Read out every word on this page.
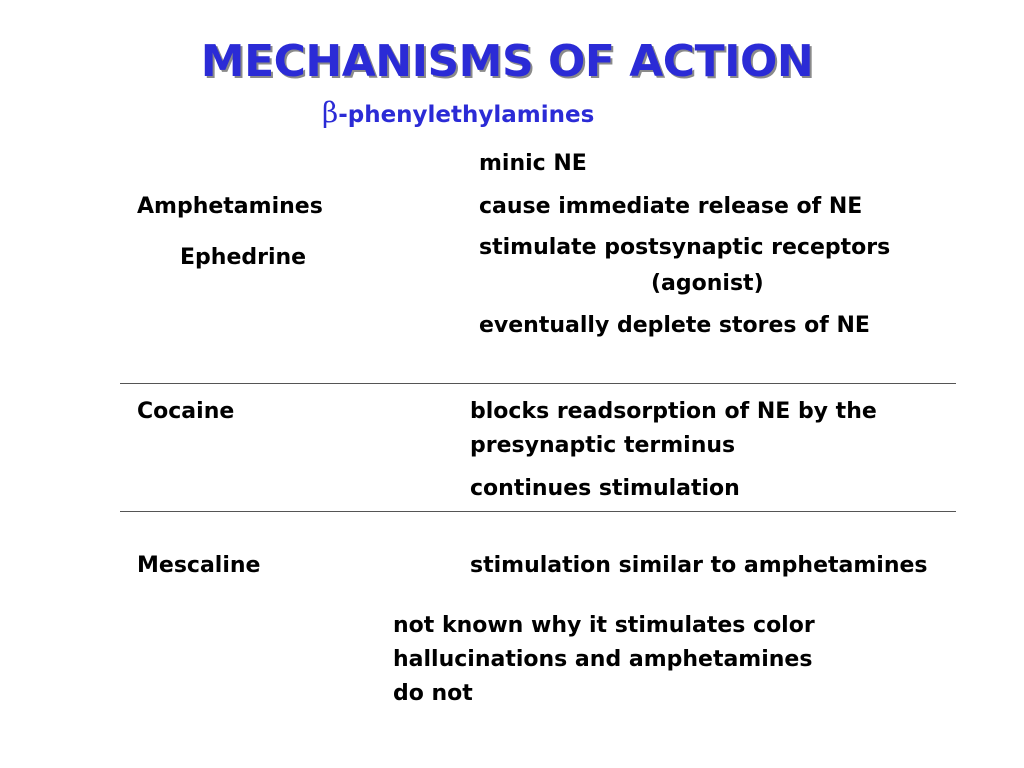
MECHANISMS OF ACTION
β-phenylethylamines
Amphetamines
Ephedrine
minic NE
cause immediate release of NE
stimulate postsynaptic receptors
(agonist)
eventually deplete stores of NE
Cocaine	blocks readsorption of NE by the
presynaptic terminus
continues stimulation
Mescaline	stimulation similar to amphetamines
not known why it stimulates color
hallucinations and amphetamines
do not
